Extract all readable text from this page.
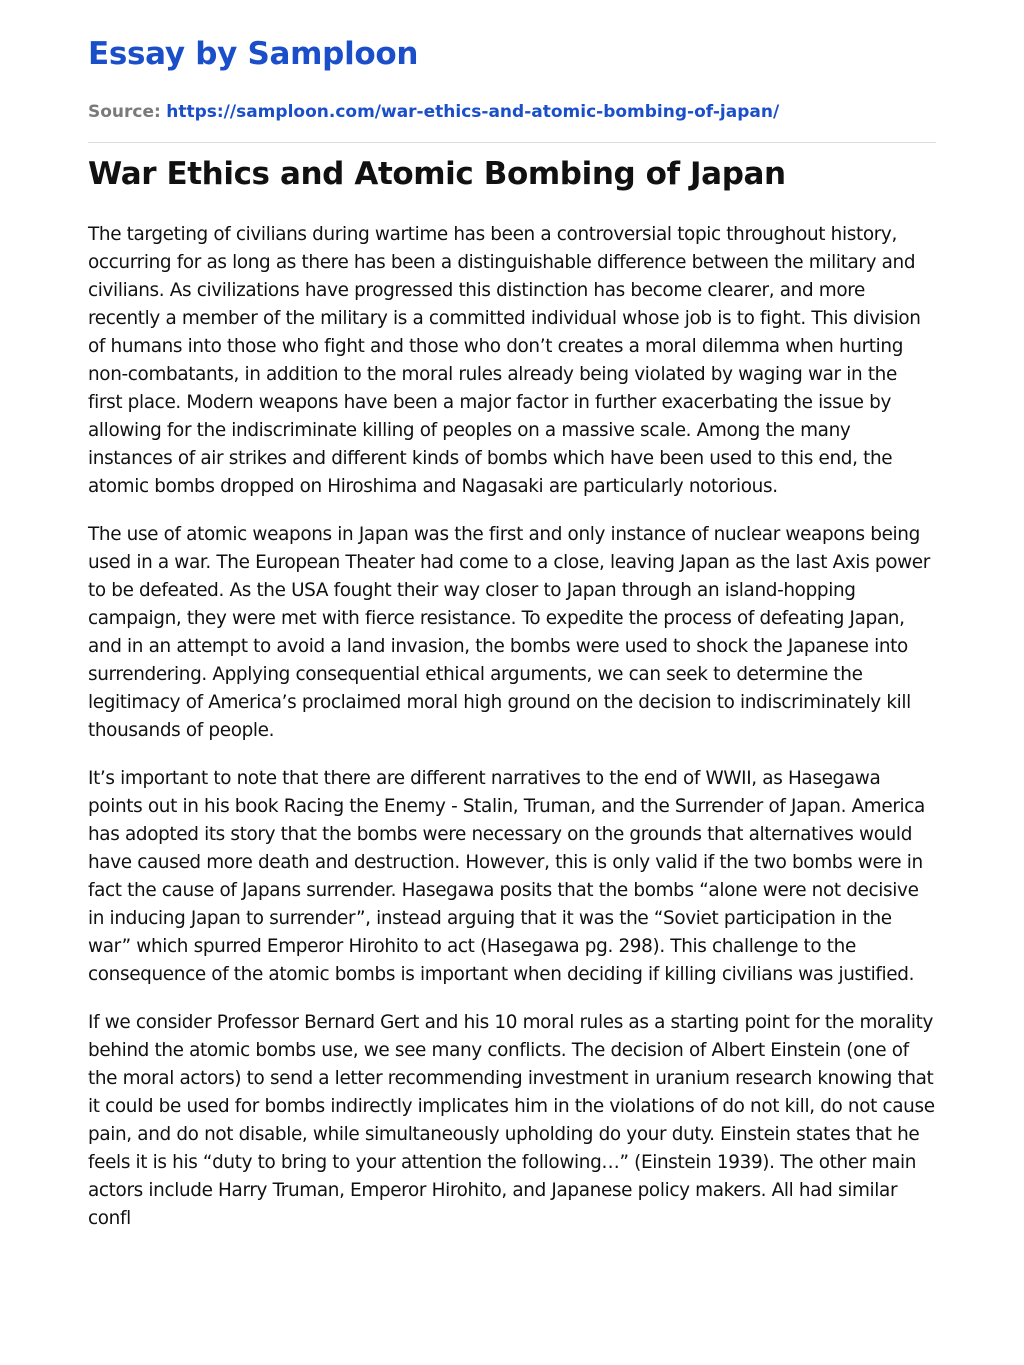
Essay by Samploon
Source: https://samploon.com/war-ethics-and-atomic-bombing-of-japan/
War Ethics and Atomic Bombing of Japan

The targeting of civilians during wartime has been a controversial topic throughout history, occurring for as long as there has been a distinguishable difference between the military and civilians. As civilizations have progressed this distinction has become clearer, and more recently a member of the military is a committed individual whose job is to fight. This division of humans into those who fight and those who don’t creates a moral dilemma when hurting non-combatants, in addition to the moral rules already being violated by waging war in the first place. Modern weapons have been a major factor in further exacerbating the issue by allowing for the indiscriminate killing of peoples on a massive scale. Among the many instances of air strikes and different kinds of bombs which have been used to this end, the atomic bombs dropped on Hiroshima and Nagasaki are particularly notorious.

The use of atomic weapons in Japan was the first and only instance of nuclear weapons being used in a war. The European Theater had come to a close, leaving Japan as the last Axis power to be defeated. As the USA fought their way closer to Japan through an island-hopping campaign, they were met with fierce resistance. To expedite the process of defeating Japan, and in an attempt to avoid a land invasion, the bombs were used to shock the Japanese into surrendering. Applying consequential ethical arguments, we can seek to determine the legitimacy of America’s proclaimed moral high ground on the decision to indiscriminately kill thousands of people.

It’s important to note that there are different narratives to the end of WWII, as Hasegawa points out in his book Racing the Enemy - Stalin, Truman, and the Surrender of Japan. America has adopted its story that the bombs were necessary on the grounds that alternatives would have caused more death and destruction. However, this is only valid if the two bombs were in fact the cause of Japans surrender. Hasegawa posits that the bombs “alone were not decisive in inducing Japan to surrender”, instead arguing that it was the “Soviet participation in the war” which spurred Emperor Hirohito to act (Hasegawa pg. 298). This challenge to the consequence of the atomic bombs is important when deciding if killing civilians was justified.

If we consider Professor Bernard Gert and his 10 moral rules as a starting point for the morality behind the atomic bombs use, we see many conflicts. The decision of Albert Einstein (one of the moral actors) to send a letter recommending investment in uranium research knowing that it could be used for bombs indirectly implicates him in the violations of do not kill, do not cause pain, and do not disable, while simultaneously upholding do your duty. Einstein states that he feels it is his “duty to bring to your attention the following…” (Einstein 1939). The other main actors include Harry Truman, Emperor Hirohito, and Japanese policy makers. All had similar confl
